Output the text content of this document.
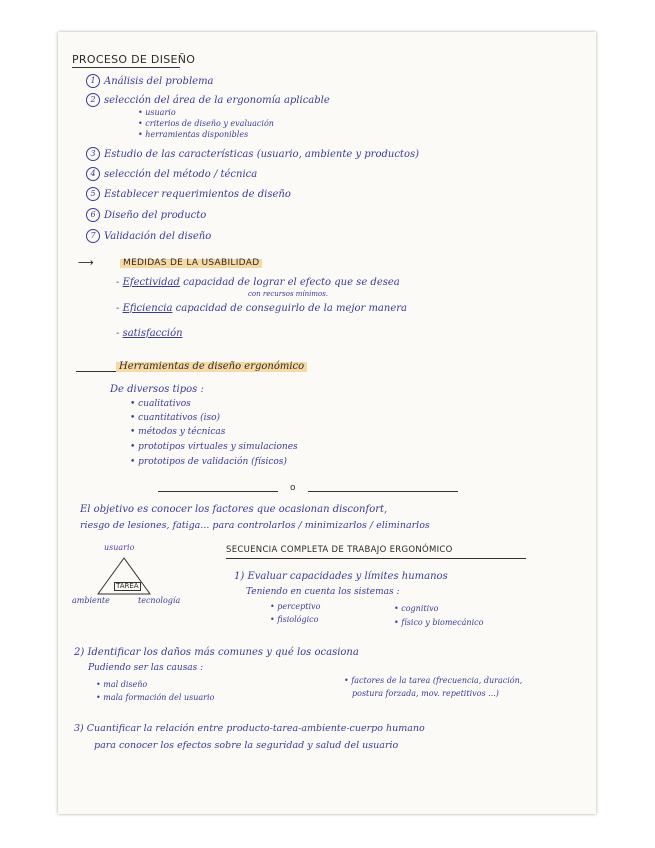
PROCESO DE DISEÑO
1 Análisis del problema
2 selección del área de la ergonomía aplicable
• usuario
• criterios de diseño y evaluación
• herramientas disponibles
3 Estudio de las características (usuario, ambiente y productos)
4 selección del método / técnica
5 Establecer requerimientos de diseño
6 Diseño del producto
7 Validación del diseño
⟶	MEDIDAS DE LA USABILIDAD
- Efectividad capacidad de lograr el efecto que se desea
con recursos mínimos.
- Eficiencia capacidad de conseguirlo de la mejor manera
- satisfacción
Herramientas de diseño ergonómico
De diversos tipos :
• cualitativos
• cuantitativos (iso)
• métodos y técnicas
• prototipos virtuales y simulaciones
• prototipos de validación (físicos)
o
El objetivo es conocer los factores que ocasionan disconfort,
riesgo de lesiones, fatiga... para controlarlos / minimizarlos / eliminarlos
TAREA
usuario
ambiente	tecnología
SECUENCIA COMPLETA DE TRABAJO ERGONÓMICO
1) Evaluar capacidades y límites humanos
Teniendo en cuenta los sistemas :
• perceptivo	• cognitivo
• fisiológico	• físico y biomecánico
2) Identificar los daños más comunes y qué los ocasiona
Pudiendo ser las causas :
• mal diseño
• mala formación del usuario
• factores de la tarea (frecuencia, duración,
postura forzada, mov. repetitivos ...)
3) Cuantificar la relación entre producto-tarea-ambiente-cuerpo humano
para conocer los efectos sobre la seguridad y salud del usuario
